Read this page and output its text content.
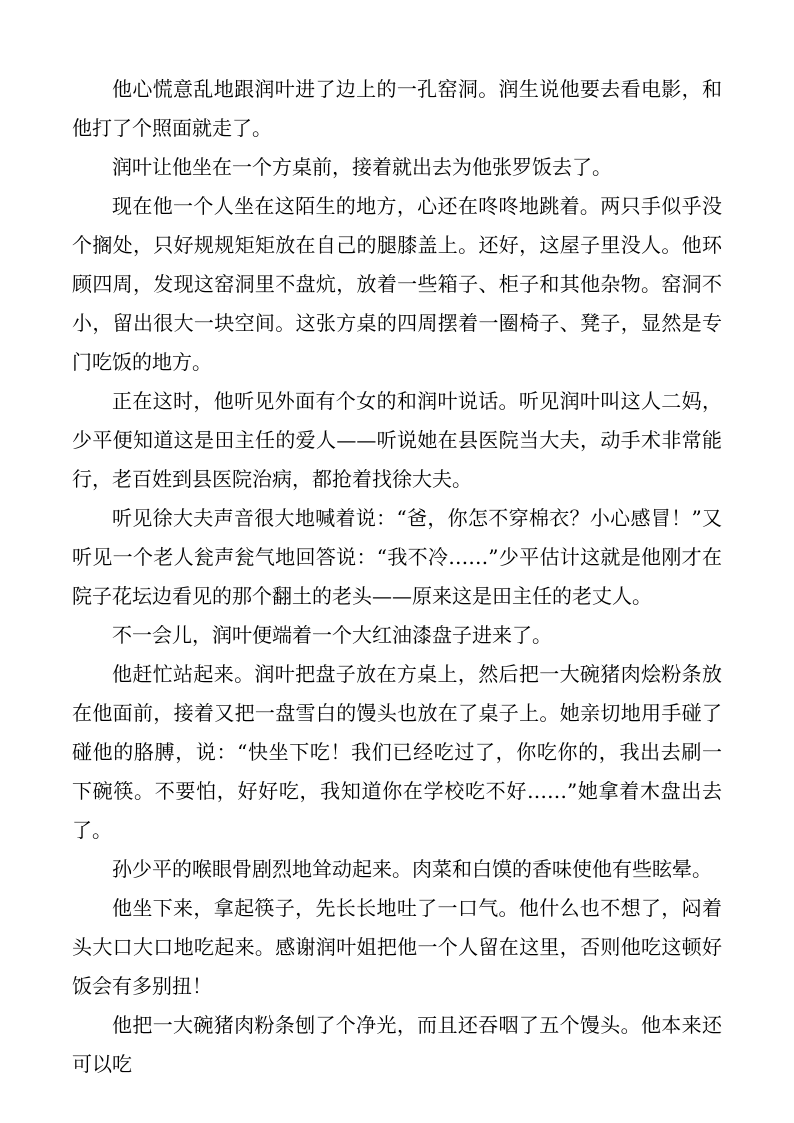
他心慌意乱地跟润叶进了边上的一孔窑洞。润生说他要去看电影，和他打了个照面就走了。

润叶让他坐在一个方桌前，接着就出去为他张罗饭去了。

现在他一个人坐在这陌生的地方，心还在咚咚地跳着。两只手似乎没个搁处，只好规规矩矩放在自己的腿膝盖上。还好，这屋子里没人。他环顾四周，发现这窑洞里不盘炕，放着一些箱子、柜子和其他杂物。窑洞不小，留出很大一块空间。这张方桌的四周摆着一圈椅子、凳子，显然是专门吃饭的地方。

正在这时，他听见外面有个女的和润叶说话。听见润叶叫这人二妈，少平便知道这是田主任的爱人——听说她在县医院当大夫，动手术非常能行，老百姓到县医院治病，都抢着找徐大夫。

听见徐大夫声音很大地喊着说：“爸，你怎不穿棉衣？小心感冒！”又听见一个老人瓮声瓮气地回答说：“我不冷……”少平估计这就是他刚才在院子花坛边看见的那个翻土的老头——原来这是田主任的老丈人。

不一会儿，润叶便端着一个大红油漆盘子进来了。

他赶忙站起来。润叶把盘子放在方桌上，然后把一大碗猪肉烩粉条放在他面前，接着又把一盘雪白的馒头也放在了桌子上。她亲切地用手碰了碰他的胳膊，说：“快坐下吃！我们已经吃过了，你吃你的，我出去刷一下碗筷。不要怕，好好吃，我知道你在学校吃不好……”她拿着木盘出去了。

孙少平的喉眼骨剧烈地耸动起来。肉菜和白馍的香味使他有些眩晕。

他坐下来，拿起筷子，先长长地吐了一口气。他什么也不想了，闷着头大口大口地吃起来。感谢润叶姐把他一个人留在这里，否则他吃这顿好饭会有多别扭！

他把一大碗猪肉粉条刨了个净光，而且还吞咽了五个馒头。他本来还可以吃
